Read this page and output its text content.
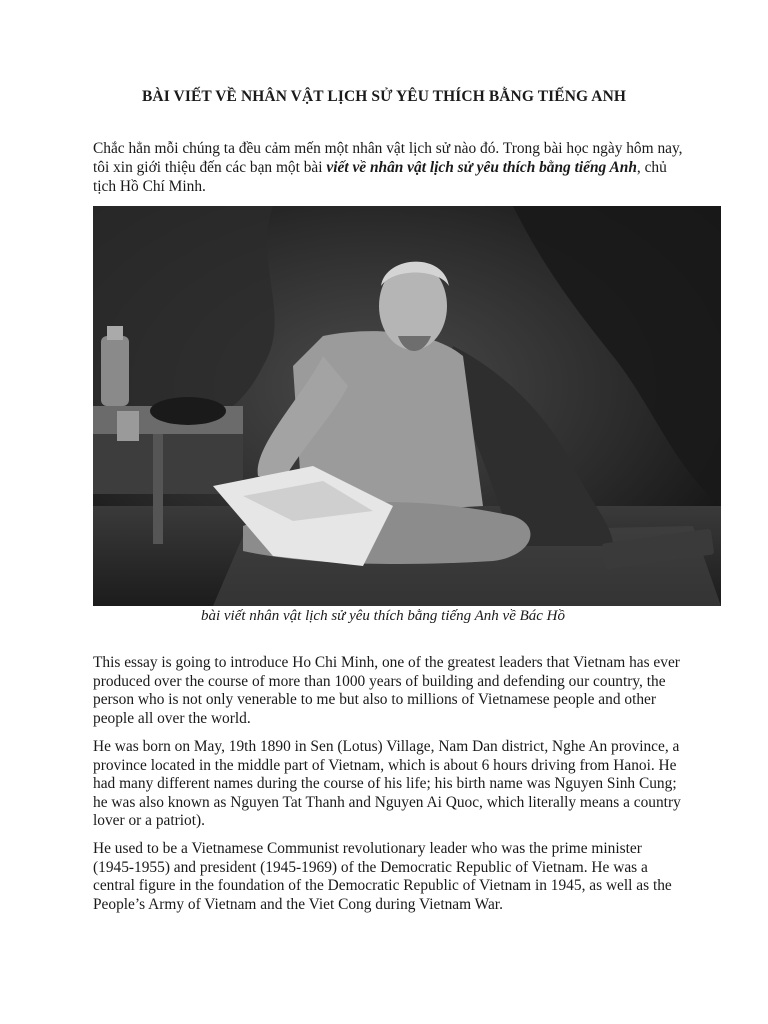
BÀI VIẾT VỀ NHÂN VẬT LỊCH SỬ YÊU THÍCH BẰNG TIẾNG ANH
Chắc hẳn mỗi chúng ta đều cảm mến một nhân vật lịch sử nào đó. Trong bài học ngày hôm nay, tôi xin giới thiệu đến các bạn một bài viết về nhân vật lịch sử yêu thích bằng tiếng Anh, chủ tịch Hồ Chí Minh.
bài viết nhân vật lịch sử yêu thích bằng tiếng Anh về Bác Hồ

This essay is going to introduce Ho Chi Minh, one of the greatest leaders that Vietnam has ever produced over the course of more than 1000 years of building and defending our country, the person who is not only venerable to me but also to millions of Vietnamese people and other people all over the world.

He was born on May, 19th 1890 in Sen (Lotus) Village, Nam Dan district, Nghe An province, a province located in the middle part of Vietnam, which is about 6 hours driving from Hanoi. He had many different names during the course of his life; his birth name was Nguyen Sinh Cung; he was also known as Nguyen Tat Thanh and Nguyen Ai Quoc, which literally means a country lover or a patriot).

He used to be a Vietnamese Communist revolutionary leader who was the prime minister (1945-1955) and president (1945-1969) of the Democratic Republic of Vietnam. He was a central figure in the foundation of the Democratic Republic of Vietnam in 1945, as well as the People’s Army of Vietnam and the Viet Cong during Vietnam War.
